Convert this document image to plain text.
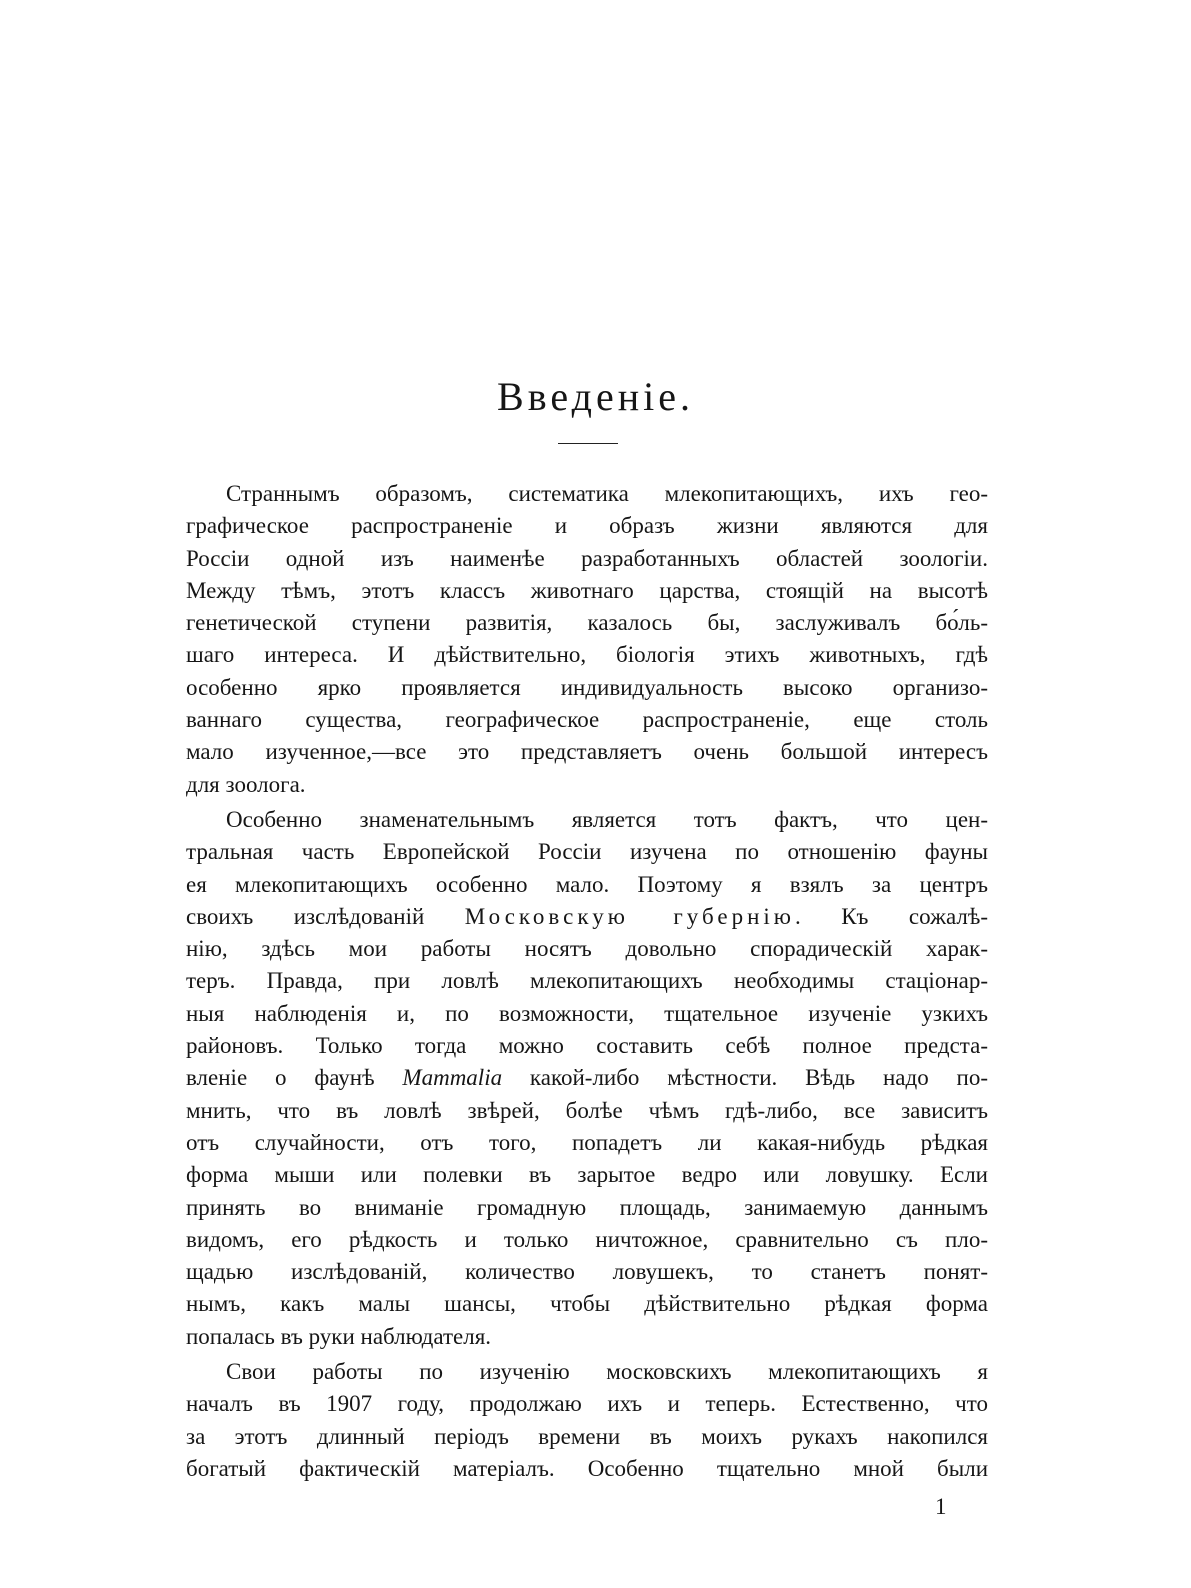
Введенie.

Страннымъ образомъ, систематика млекопитающихъ, ихъ гео-
графическое распространенiе и образъ жизни являются для
Россiи одной изъ наименѣе разработанныхъ областей зоологiи.
Между тѣмъ, этотъ классъ животнаго царства, стоящiй на высотѣ
генетической ступени развитiя, казалось бы, заслуживалъ бо́ль-
шаго интереса. И дѣйствительно, бiологiя этихъ животныхъ, гдѣ
особенно ярко проявляется индивидуальность высоко организо-
ваннаго существа, географическое распространенiе, еще столь
мало изученное,—все это представляетъ очень большой интересъ
для зоолога.

Особенно знаменательнымъ является тотъ фактъ, что цен-
тральная часть Европейской Россiи изучена по отношенiю фауны
ея млекопитающихъ особенно мало. Поэтому я взялъ за центръ
своихъ изслѣдованiй Московскую губернiю. Къ сожалѣ-
нiю, здѣсь мои работы носятъ довольно спорадическiй харак-
теръ. Правда, при ловлѣ млекопитающихъ необходимы стацiонар-
ныя наблюденiя и, по возможности, тщательное изученiе узкихъ
районовъ. Только тогда можно составить себѣ полное предста-
вленiе о фаунѣ Mammalia какой-либо мѣстности. Вѣдь надо по-
мнить, что въ ловлѣ звѣрей, болѣе чѣмъ гдѣ-либо, все зависитъ
отъ случайности, отъ того, попадетъ ли какая-нибудь рѣдкая
форма мыши или полевки въ зарытое ведро или ловушку. Если
принять во вниманiе громадную площадь, занимаемую даннымъ
видомъ, его рѣдкость и только ничтожное, сравнительно съ пло-
щадью изслѣдованiй, количество ловушекъ, то станетъ понят-
нымъ, какъ малы шансы, чтобы дѣйствительно рѣдкая форма
попалась въ руки наблюдателя.

Свои работы по изученiю московскихъ млекопитающихъ я
началъ въ 1907 году, продолжаю ихъ и теперь. Естественно, что
за этотъ длинный перiодъ времени въ моихъ рукахъ накопился
богатый фактическiй матерiалъ. Особенно тщательно мной были

1
